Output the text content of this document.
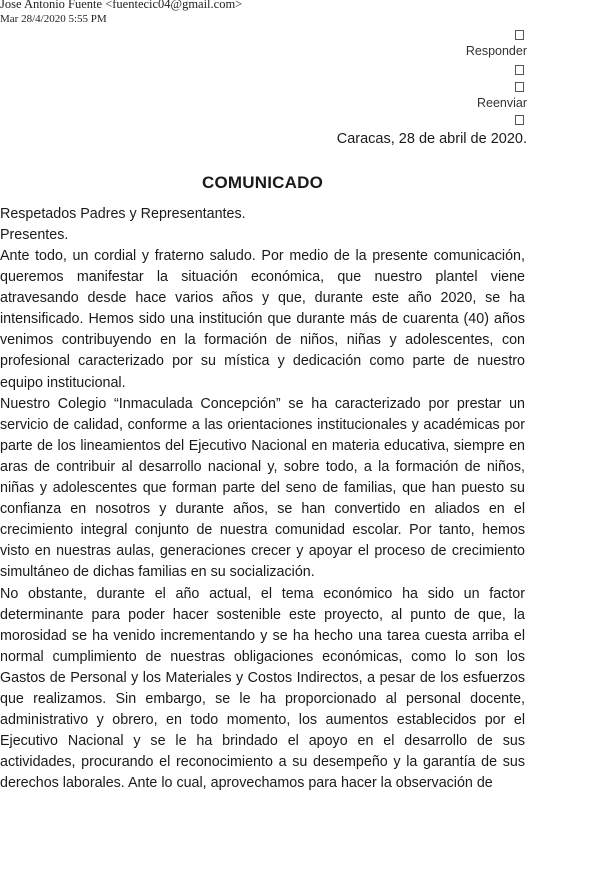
Jose Antonio Fuente <fuentecic04@gmail.com>
Mar 28/4/2020 5:55 PM
Responder
Reenviar
Caracas, 28 de abril de 2020.
COMUNICADO
Respetados Padres y Representantes.
Presentes.

Ante todo, un cordial y fraterno saludo. Por medio de la presente comunicación, queremos manifestar la situación económica, que nuestro plantel viene atravesando desde hace varios años y que, durante este año 2020, se ha intensificado. Hemos sido una institución que durante más de cuarenta (40) años venimos contribuyendo en la formación de niños, niñas y adolescentes, con profesional caracterizado por su mística y dedicación como parte de nuestro equipo institucional.

Nuestro Colegio “Inmaculada Concepción” se ha caracterizado por prestar un servicio de calidad, conforme a las orientaciones institucionales y académicas por parte de los lineamientos del Ejecutivo Nacional en materia educativa, siempre en aras de contribuir al desarrollo nacional y, sobre todo, a la formación de niños, niñas y adolescentes que forman parte del seno de familias, que han puesto su confianza en nosotros y durante años, se han convertido en aliados en el crecimiento integral conjunto de nuestra comunidad escolar. Por tanto, hemos visto en nuestras aulas, generaciones crecer y apoyar el proceso de crecimiento simultáneo de dichas familias en su socialización.

No obstante, durante el año actual, el tema económico ha sido un factor determinante para poder hacer sostenible este proyecto, al punto de que, la morosidad se ha venido incrementando y se ha hecho una tarea cuesta arriba el normal cumplimiento de nuestras obligaciones económicas, como lo son los Gastos de Personal y los Materiales y Costos Indirectos, a pesar de los esfuerzos que realizamos. Sin embargo, se le ha proporcionado al personal docente, administrativo y obrero, en todo momento, los aumentos establecidos por el Ejecutivo Nacional y se le ha brindado el apoyo en el desarrollo de sus actividades, procurando el reconocimiento a su desempeño y la garantía de sus derechos laborales. Ante lo cual, aprovechamos para hacer la observación de
